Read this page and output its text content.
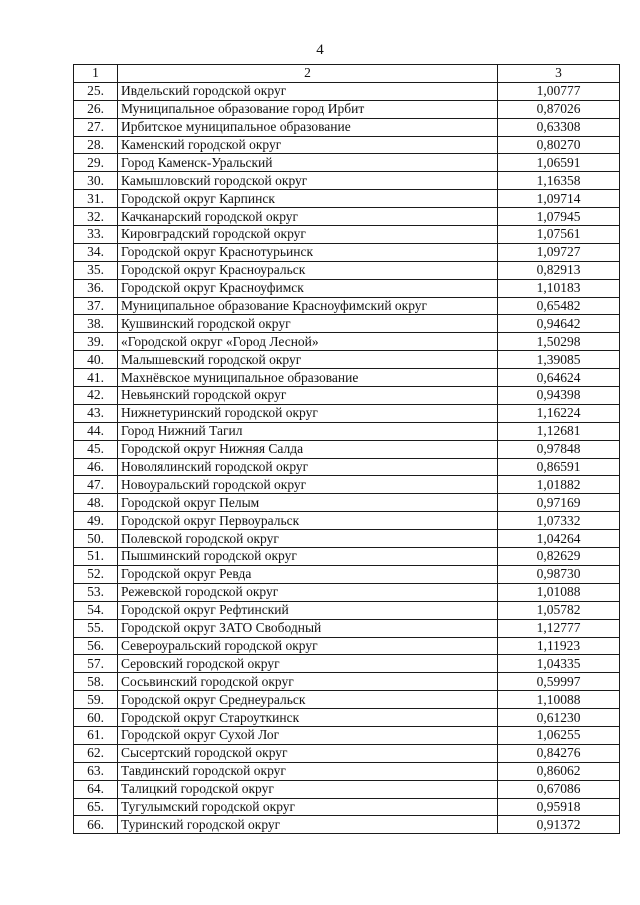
4
1	2	3
25.	Ивдельский городской округ	1,00777
26.	Муниципальное образование город Ирбит	0,87026
27.	Ирбитское муниципальное образование	0,63308
28.	Каменский городской округ	0,80270
29.	Город Каменск-Уральский	1,06591
30.	Камышловский городской округ	1,16358
31.	Городской округ Карпинск	1,09714
32.	Качканарский городской округ	1,07945
33.	Кировградский городской округ	1,07561
34.	Городской округ Краснотурьинск	1,09727
35.	Городской округ Красноуральск	0,82913
36.	Городской округ Красноуфимск	1,10183
37.	Муниципальное образование Красноуфимский округ	0,65482
38.	Кушвинский городской округ	0,94642
39.	«Городской округ «Город Лесной»	1,50298
40.	Малышевский городской округ	1,39085
41.	Махнёвское муниципальное образование	0,64624
42.	Невьянский городской округ	0,94398
43.	Нижнетуринский городской округ	1,16224
44.	Город Нижний Тагил	1,12681
45.	Городской округ Нижняя Салда	0,97848
46.	Новолялинский городской округ	0,86591
47.	Новоуральский городской округ	1,01882
48.	Городской округ Пелым	0,97169
49.	Городской округ Первоуральск	1,07332
50.	Полевской городской округ	1,04264
51.	Пышминский городской округ	0,82629
52.	Городской округ Ревда	0,98730
53.	Режевской городской округ	1,01088
54.	Городской округ Рефтинский	1,05782
55.	Городской округ ЗАТО Свободный	1,12777
56.	Североуральский городской округ	1,11923
57.	Серовский городской округ	1,04335
58.	Сосьвинский городской округ	0,59997
59.	Городской округ Среднеуральск	1,10088
60.	Городской округ Староуткинск	0,61230
61.	Городской округ Сухой Лог	1,06255
62.	Сысертский городской округ	0,84276
63.	Тавдинский городской округ	0,86062
64.	Талицкий городской округ	0,67086
65.	Тугулымский городской округ	0,95918
66.	Туринский городской округ	0,91372
